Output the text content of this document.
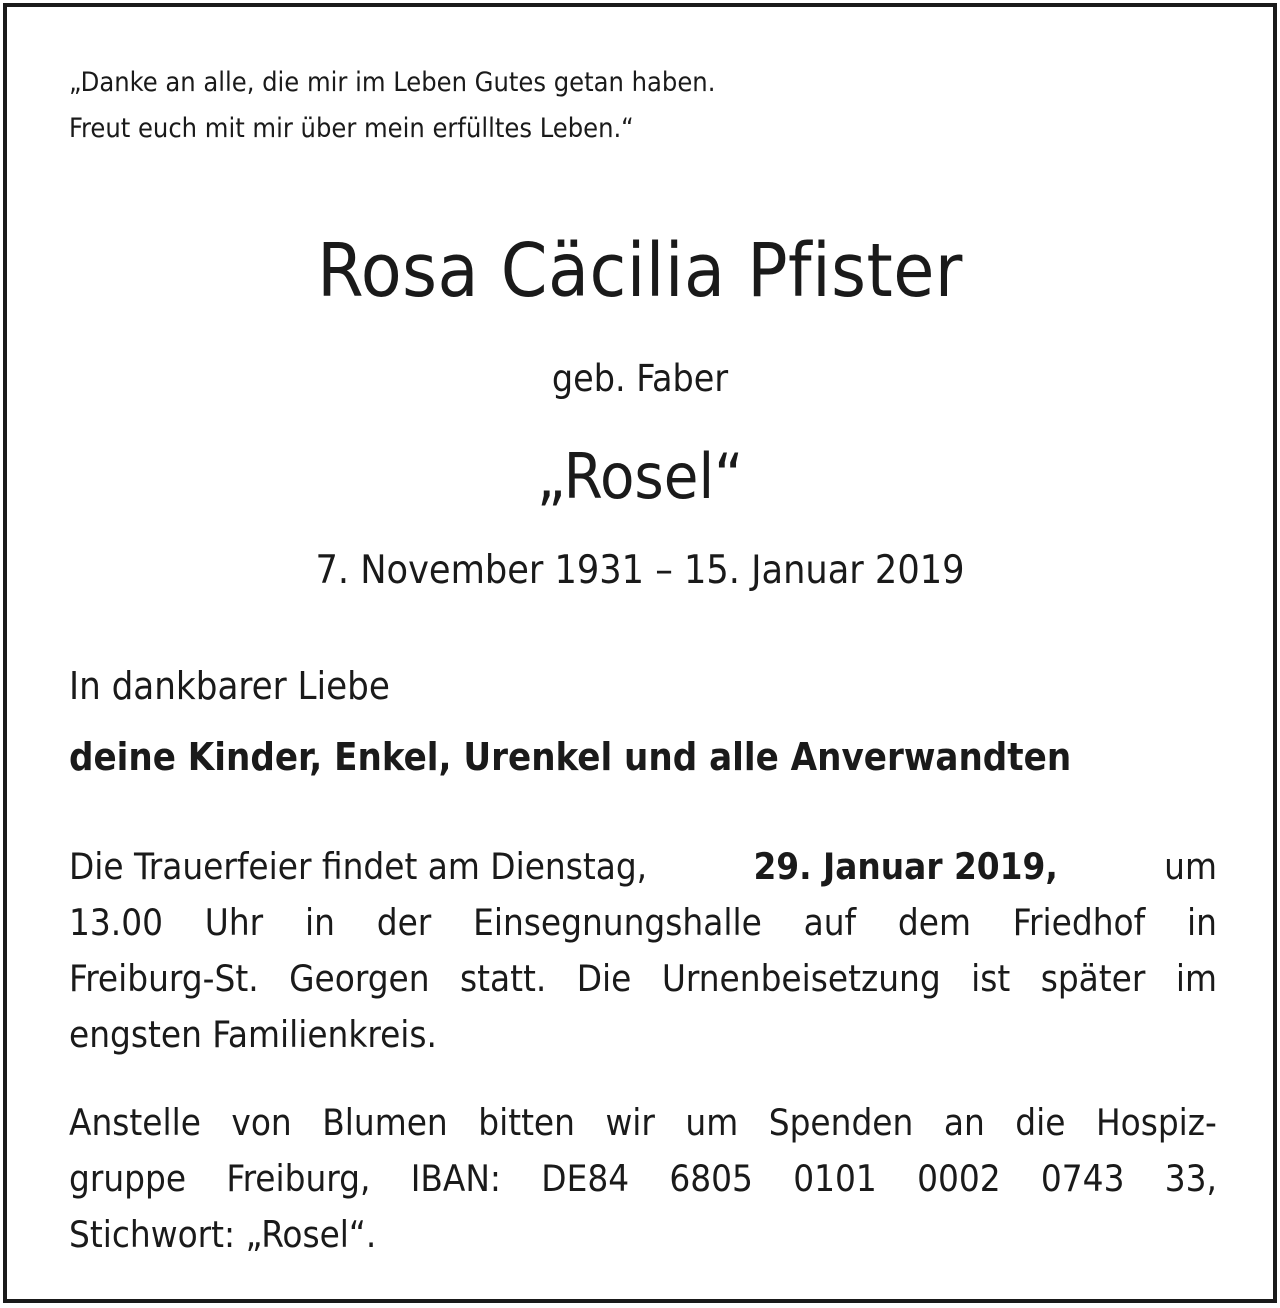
„Danke an alle, die mir im Leben Gutes getan haben.
Freut euch mit mir über mein erfülltes Leben.“
Rosa Cäcilia Pfister
geb. Faber
„Rosel“
7. November 1931 – 15. Januar 2019
In dankbarer Liebe
deine Kinder, Enkel, Urenkel und alle Anverwandten
Die Trauerfeier findet am Dienstag,	29. Januar 2019,	um
13.00 Uhr in der Einsegnungshalle auf dem Friedhof in
Freiburg-St. Georgen statt. Die Urnenbeisetzung ist später im
engsten Familienkreis.
Anstelle von Blumen bitten wir um Spenden an die Hospiz-
gruppe Freiburg, IBAN: DE84 6805 0101 0002 0743 33,
Stichwort: „Rosel“.
